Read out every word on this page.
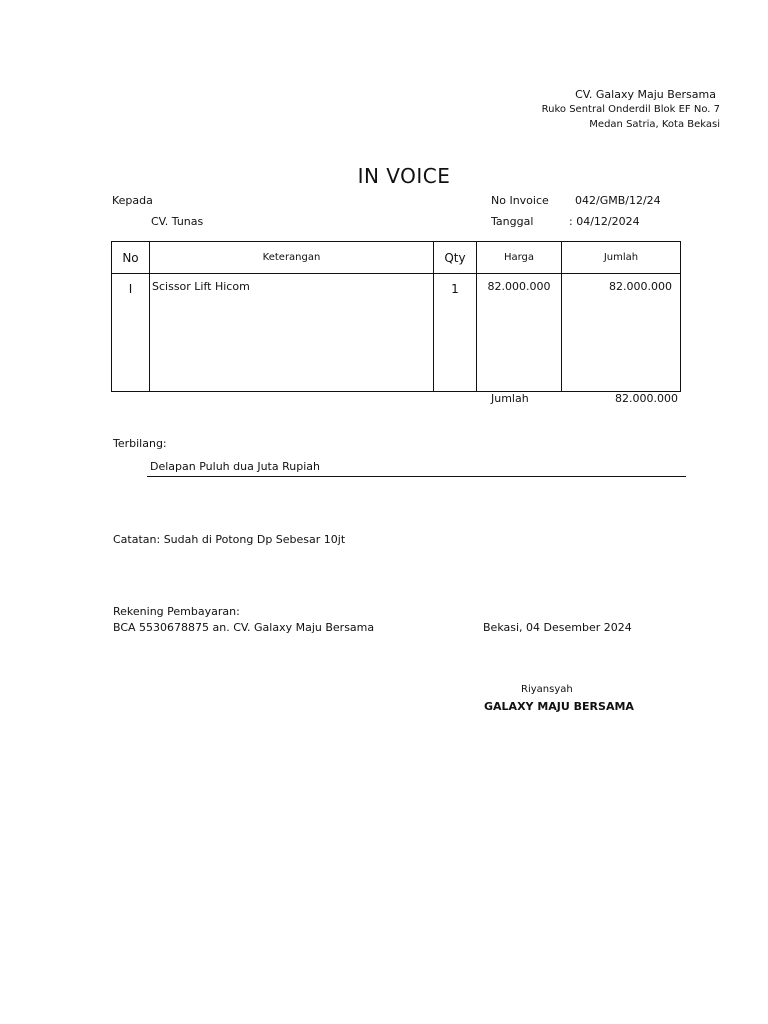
CV. Galaxy Maju Bersama
Ruko Sentral Onderdil Blok EF No. 7
Medan Satria, Kota Bekasi
IN VOICE
Kepada
CV. Tunas
No Invoice 042/GMB/12/24
Tanggal	: 04/12/2024
No	Keterangan	Qty	Harga	Jumlah
I	Scissor Lift Hicom	1	82.000.000	82.000.000
Jumlah	82.000.000
Terbilang:
Delapan Puluh dua Juta Rupiah
Catatan: Sudah di Potong Dp Sebesar 10jt
Rekening Pembayaran:
BCA 5530678875 an. CV. Galaxy Maju Bersama	Bekasi, 04 Desember 2024
Riyansyah
GALAXY MAJU BERSAMA
